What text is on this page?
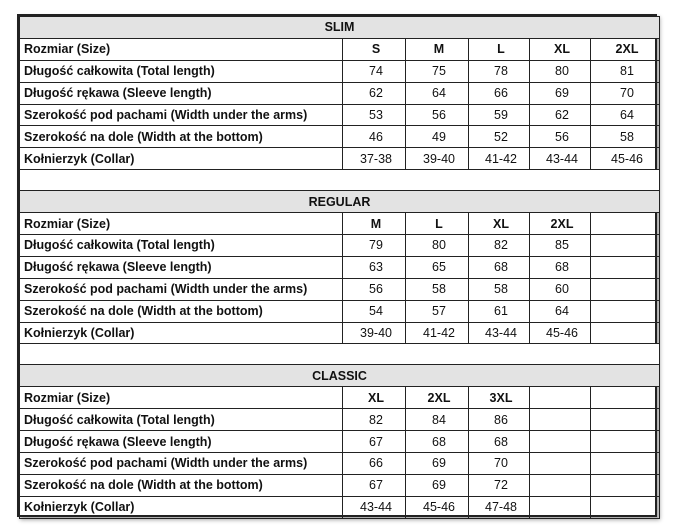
SLIM					
Rozmiar (Size)	S	M	L	XL	2XL
Długość całkowita (Total length)	74	75	78	80	81
Długość rękawa (Sleeve length)	62	64	66	69	70
Szerokość pod pachami (Width under the arms)	53	56	59	62	64
Szerokość na dole (Width at the bottom)	46	49	52	56	58
Kołnierzyk (Collar)	37-38	39-40	41-42	43-44	45-46

REGULAR					
Rozmiar (Size)	M	L	XL	2XL	
Długość całkowita (Total length)	79	80	82	85	
Długość rękawa (Sleeve length)	63	65	68	68	
Szerokość pod pachami (Width under the arms)	56	58	58	60	
Szerokość na dole (Width at the bottom)	54	57	61	64	
Kołnierzyk (Collar)	39-40	41-42	43-44	45-46	

CLASSIC					
Rozmiar (Size)	XL	2XL	3XL		
Długość całkowita (Total length)	82	84	86		
Długość rękawa (Sleeve length)	67	68	68		
Szerokość pod pachami (Width under the arms)	66	69	70		
Szerokość na dole (Width at the bottom)	67	69	72		
Kołnierzyk (Collar)	43-44	45-46	47-48		
